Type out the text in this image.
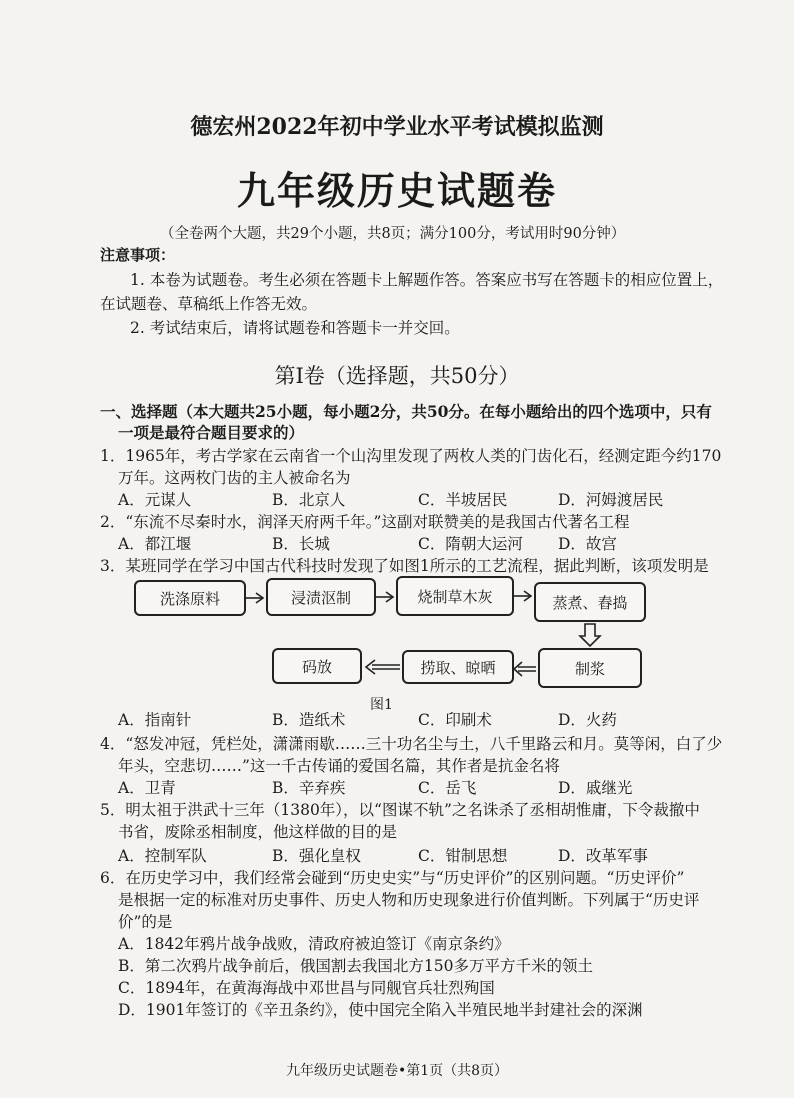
德宏州2022年初中学业水平考试模拟监测
九年级历史试题卷
（全卷两个大题，共29个小题，共8页；满分100分，考试用时90分钟）
注意事项：
1. 本卷为试题卷。考生必须在答题卡上解题作答。答案应书写在答题卡的相应位置上，
在试题卷、草稿纸上作答无效。
2. 考试结束后，请将试题卷和答题卡一并交回。
第Ⅰ卷（选择题，共50分）
一、选择题（本大题共25小题，每小题2分，共50分。在每小题给出的四个选项中，只有
一项是最符合题目要求的）
1．1965年，考古学家在云南省一个山沟里发现了两枚人类的门齿化石，经测定距今约170
万年。这两枚门齿的主人被命名为
A．元谋人	B．北京人	C．半坡居民	D．河姆渡居民
2．“东流不尽秦时水，润泽天府两千年。”这副对联赞美的是我国古代著名工程
A．都江堰	B．长城	C．隋朝大运河 D．故宫
3．某班同学在学习中国古代科技时发现了如图1所示的工艺流程，据此判断，该项发明是
洗涤原料	浸渍沤制	烧制草木灰	蒸煮、舂捣
制浆
捞取、晾晒
码放
图1
A．指南针	B．造纸术	C．印刷术	D．火药
4．“怒发冲冠，凭栏处，潇潇雨歇……三十功名尘与土，八千里路云和月。莫等闲，白了少
年头，空悲切……”这一千古传诵的爱国名篇，其作者是抗金名将
A．卫青	B．辛弃疾	C．岳飞	D．戚继光
5．明太祖于洪武十三年（1380年），以“图谋不轨”之名诛杀了丞相胡惟庸，下令裁撤中
书省，废除丞相制度，他这样做的目的是
A．控制军队	B．强化皇权	C．钳制思想	D．改革军事
6．在历史学习中，我们经常会碰到“历史史实”与“历史评价”的区别问题。“历史评价”
是根据一定的标准对历史事件、历史人物和历史现象进行价值判断。下列属于“历史评
价”的是
A．1842年鸦片战争战败，清政府被迫签订《南京条约》
B．第二次鸦片战争前后，俄国割去我国北方150多万平方千米的领土
C．1894年，在黄海海战中邓世昌与同舰官兵壮烈殉国
D．1901年签订的《辛丑条约》，使中国完全陷入半殖民地半封建社会的深渊
九年级历史试题卷•第1页（共8页）
